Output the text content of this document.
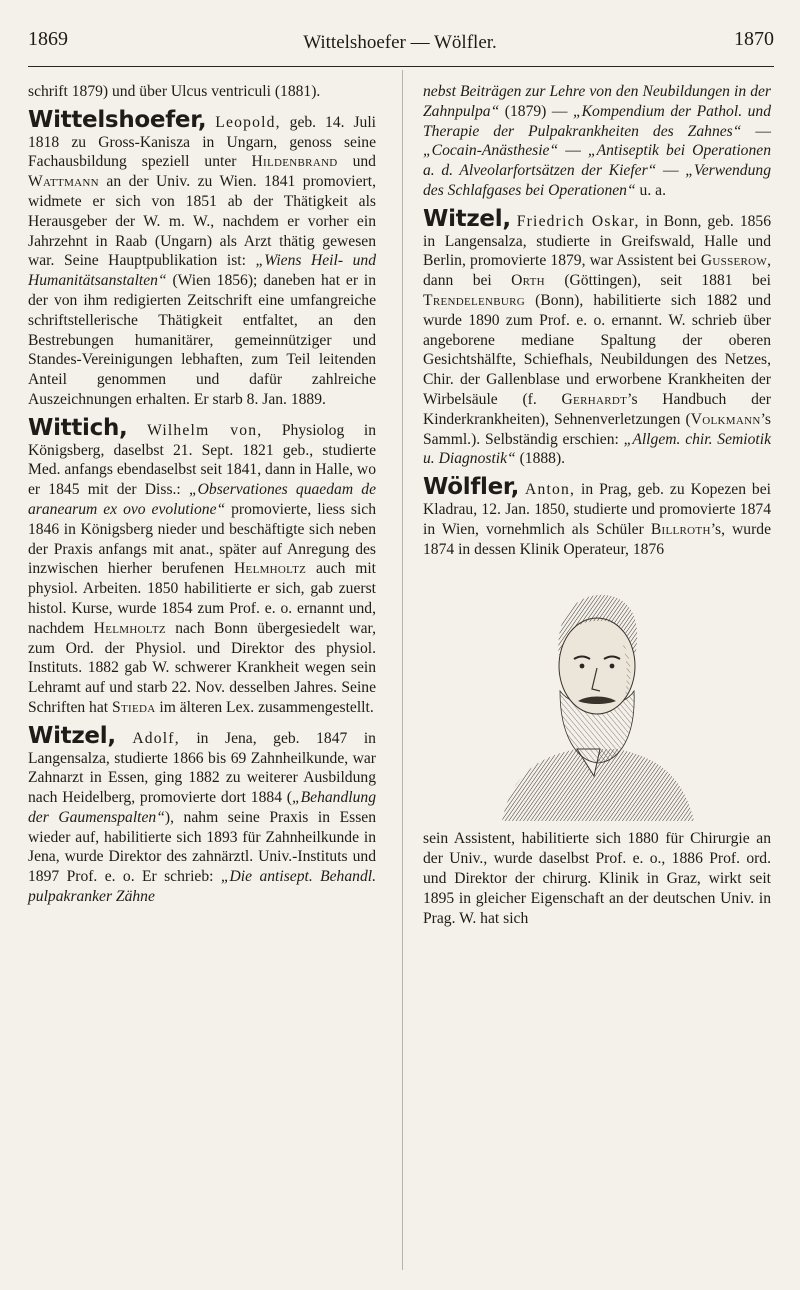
1869	Wittelshoefer — Wölfler.	1870

schrift 1879) und über Ulcus ventriculi (1881).

Wittelshoefer, Leopold, geb. 14. Juli 1818 zu Gross-Kanisza in Ungarn, genoss seine Fachausbildung speziell unter Hildenbrand und Wattmann an der Univ. zu Wien. 1841 promoviert, widmete er sich von 1851 ab der Thätigkeit als Herausgeber der W. m. W., nachdem er vorher ein Jahrzehnt in Raab (Ungarn) als Arzt thätig gewesen war. Seine Hauptpublikation ist: „Wiens Heil- und Humanitätsanstalten“ (Wien 1856); daneben hat er in der von ihm redigierten Zeitschrift eine umfangreiche schriftstellerische Thätigkeit entfaltet, an den Bestrebungen humanitärer, gemeinnütziger und Standes-Vereinigungen lebhaften, zum Teil leitenden Anteil genommen und dafür zahlreiche Auszeichnungen erhalten. Er starb 8. Jan. 1889.

Wittich, Wilhelm von, Physiolog in Königsberg, daselbst 21. Sept. 1821 geb., studierte Med. anfangs ebendaselbst seit 1841, dann in Halle, wo er 1845 mit der Diss.: „Observationes quaedam de aranearum ex ovo evolutione“ promovierte, liess sich 1846 in Königsberg nieder und beschäftigte sich neben der Praxis anfangs mit anat., später auf Anregung des inzwischen hierher berufenen Helmholtz auch mit physiol. Arbeiten. 1850 habilitierte er sich, gab zuerst histol. Kurse, wurde 1854 zum Prof. e. o. ernannt und, nachdem Helmholtz nach Bonn übergesiedelt war, zum Ord. der Physiol. und Direktor des physiol. Instituts. 1882 gab W. schwerer Krankheit wegen sein Lehramt auf und starb 22. Nov. desselben Jahres. Seine Schriften hat Stieda im älteren Lex. zusammengestellt.

Witzel, Adolf, in Jena, geb. 1847 in Langensalza, studierte 1866 bis 69 Zahnheilkunde, war Zahnarzt in Essen, ging 1882 zu weiterer Ausbildung nach Heidelberg, promovierte dort 1884 („Behandlung der Gaumenspalten“), nahm seine Praxis in Essen wieder auf, habilitierte sich 1893 für Zahnheilkunde in Jena, wurde Direktor des zahnärztl. Univ.-Instituts und 1897 Prof. e. o. Er schrieb: „Die antisept. Behandl. pulpakranker Zähne

nebst Beiträgen zur Lehre von den Neubildungen in der Zahnpulpa“ (1879) — „Kompendium der Pathol. und Therapie der Pulpakrankheiten des Zahnes“ — „Cocain-Anästhesie“ — „Antiseptik bei Operationen a. d. Alveolarfortsätzen der Kiefer“ — „Verwendung des Schlafgases bei Operationen“ u. a.

Witzel, Friedrich Oskar, in Bonn, geb. 1856 in Langensalza, studierte in Greifswald, Halle und Berlin, promovierte 1879, war Assistent bei Gusserow, dann bei Orth (Göttingen), seit 1881 bei Trendelenburg (Bonn), habilitierte sich 1882 und wurde 1890 zum Prof. e. o. ernannt. W. schrieb über angeborene mediane Spaltung der oberen Gesichtshälfte, Schiefhals, Neubildungen des Netzes, Chir. der Gallenblase und erworbene Krankheiten der Wirbelsäule (f. Gerhardt’s Handbuch der Kinderkrankheiten), Sehnenverletzungen (Volkmann’s Samml.). Selbständig erschien: „Allgem. chir. Semiotik u. Diagnostik“ (1888).

Wölfler, Anton, in Prag, geb. zu Kopezen bei Kladrau, 12. Jan. 1850, studierte und promovierte 1874 in Wien, vornehmlich als Schüler Billroth’s, wurde 1874 in dessen Klinik Operateur, 1876

sein Assistent, habilitierte sich 1880 für Chirurgie an der Univ., wurde daselbst Prof. e. o., 1886 Prof. ord. und Direktor der chirurg. Klinik in Graz, wirkt seit 1895 in gleicher Eigenschaft an der deutschen Univ. in Prag. W. hat sich
